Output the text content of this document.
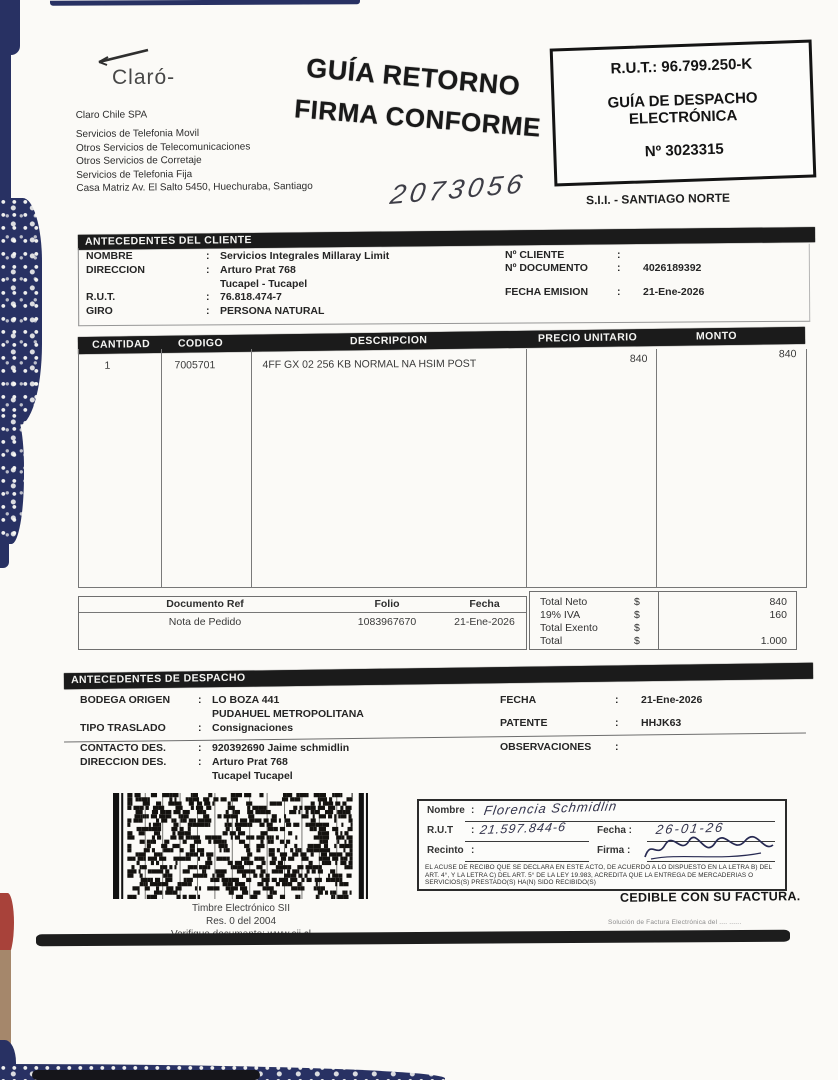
Claró-
Claro Chile SPA
Servicios de Telefonia Movil
Otros Servicios de Telecomunicaciones
Otros Servicios de Corretaje
Servicios de Telefonia Fija
Casa Matriz Av. El Salto 5450, Huechuraba, Santiago
GUÍA RETORNO
FIRMA CONFORME
2073056
R.U.T.: 96.799.250-K
GUÍA DE DESPACHO
ELECTRÓNICA
Nº 3023315
S.I.I. - SANTIAGO NORTE
ANTECEDENTES DEL CLIENTE
NOMBRE	: Servicios Integrales Millaray Limit
DIRECCION	: Arturo Prat 768
Tucapel - Tucapel
R.U.T.	: 76.818.474-7
GIRO	: PERSONA NATURAL
Nº CLIENTE	:
Nº DOCUMENTO	: 4026189392
FECHA EMISION	: 21-Ene-2026
CANTIDAD	CODIGO	DESCRIPCION	PRECIO UNITARIO	MONTO
1	7005701	4FF GX 02 256 KB NORMAL NA HSIM POST	840	840
Documento Ref	Folio	Fecha
Nota de Pedido	1083967670	21-Ene-2026
Total Neto	$	840
19% IVA	$	160
Total Exento	$
Total	$	1.000
ANTECEDENTES DE DESPACHO
BODEGA ORIGEN	: LO BOZA 441
PUDAHUEL METROPOLITANA
TIPO TRASLADO	: Consignaciones
CONTACTO DES.	: 920392690 Jaime schmidlin
DIRECCION DES.	: Arturo Prat 768
Tucapel Tucapel
FECHA	: 21-Ene-2026
PATENTE	: HHJK63
OBSERVACIONES :
Timbre Electrónico SII
Res. 0 del 2004
Nombre : Florencia Schmidlin
R.U.T : 21.597.844-6	Fecha : 26-01-26
Recinto :	Firma :
EL ACUSE DE RECIBO QUE SE DECLARA EN ESTE ACTO, DE ACUERDO A LO DISPUESTO EN LA LETRA B) DEL ART. 4°, Y LA LETRA C) DEL ART. 5° DE LA LEY 19.983, ACREDITA QUE LA ENTREGA DE MERCADERIAS O SERVICIOS(S) PRESTADO(S) HA(N) SIDO RECIBIDO(S)
CEDIBLE CON SU FACTURA.
Solución de Factura Electrónica del .... ......
